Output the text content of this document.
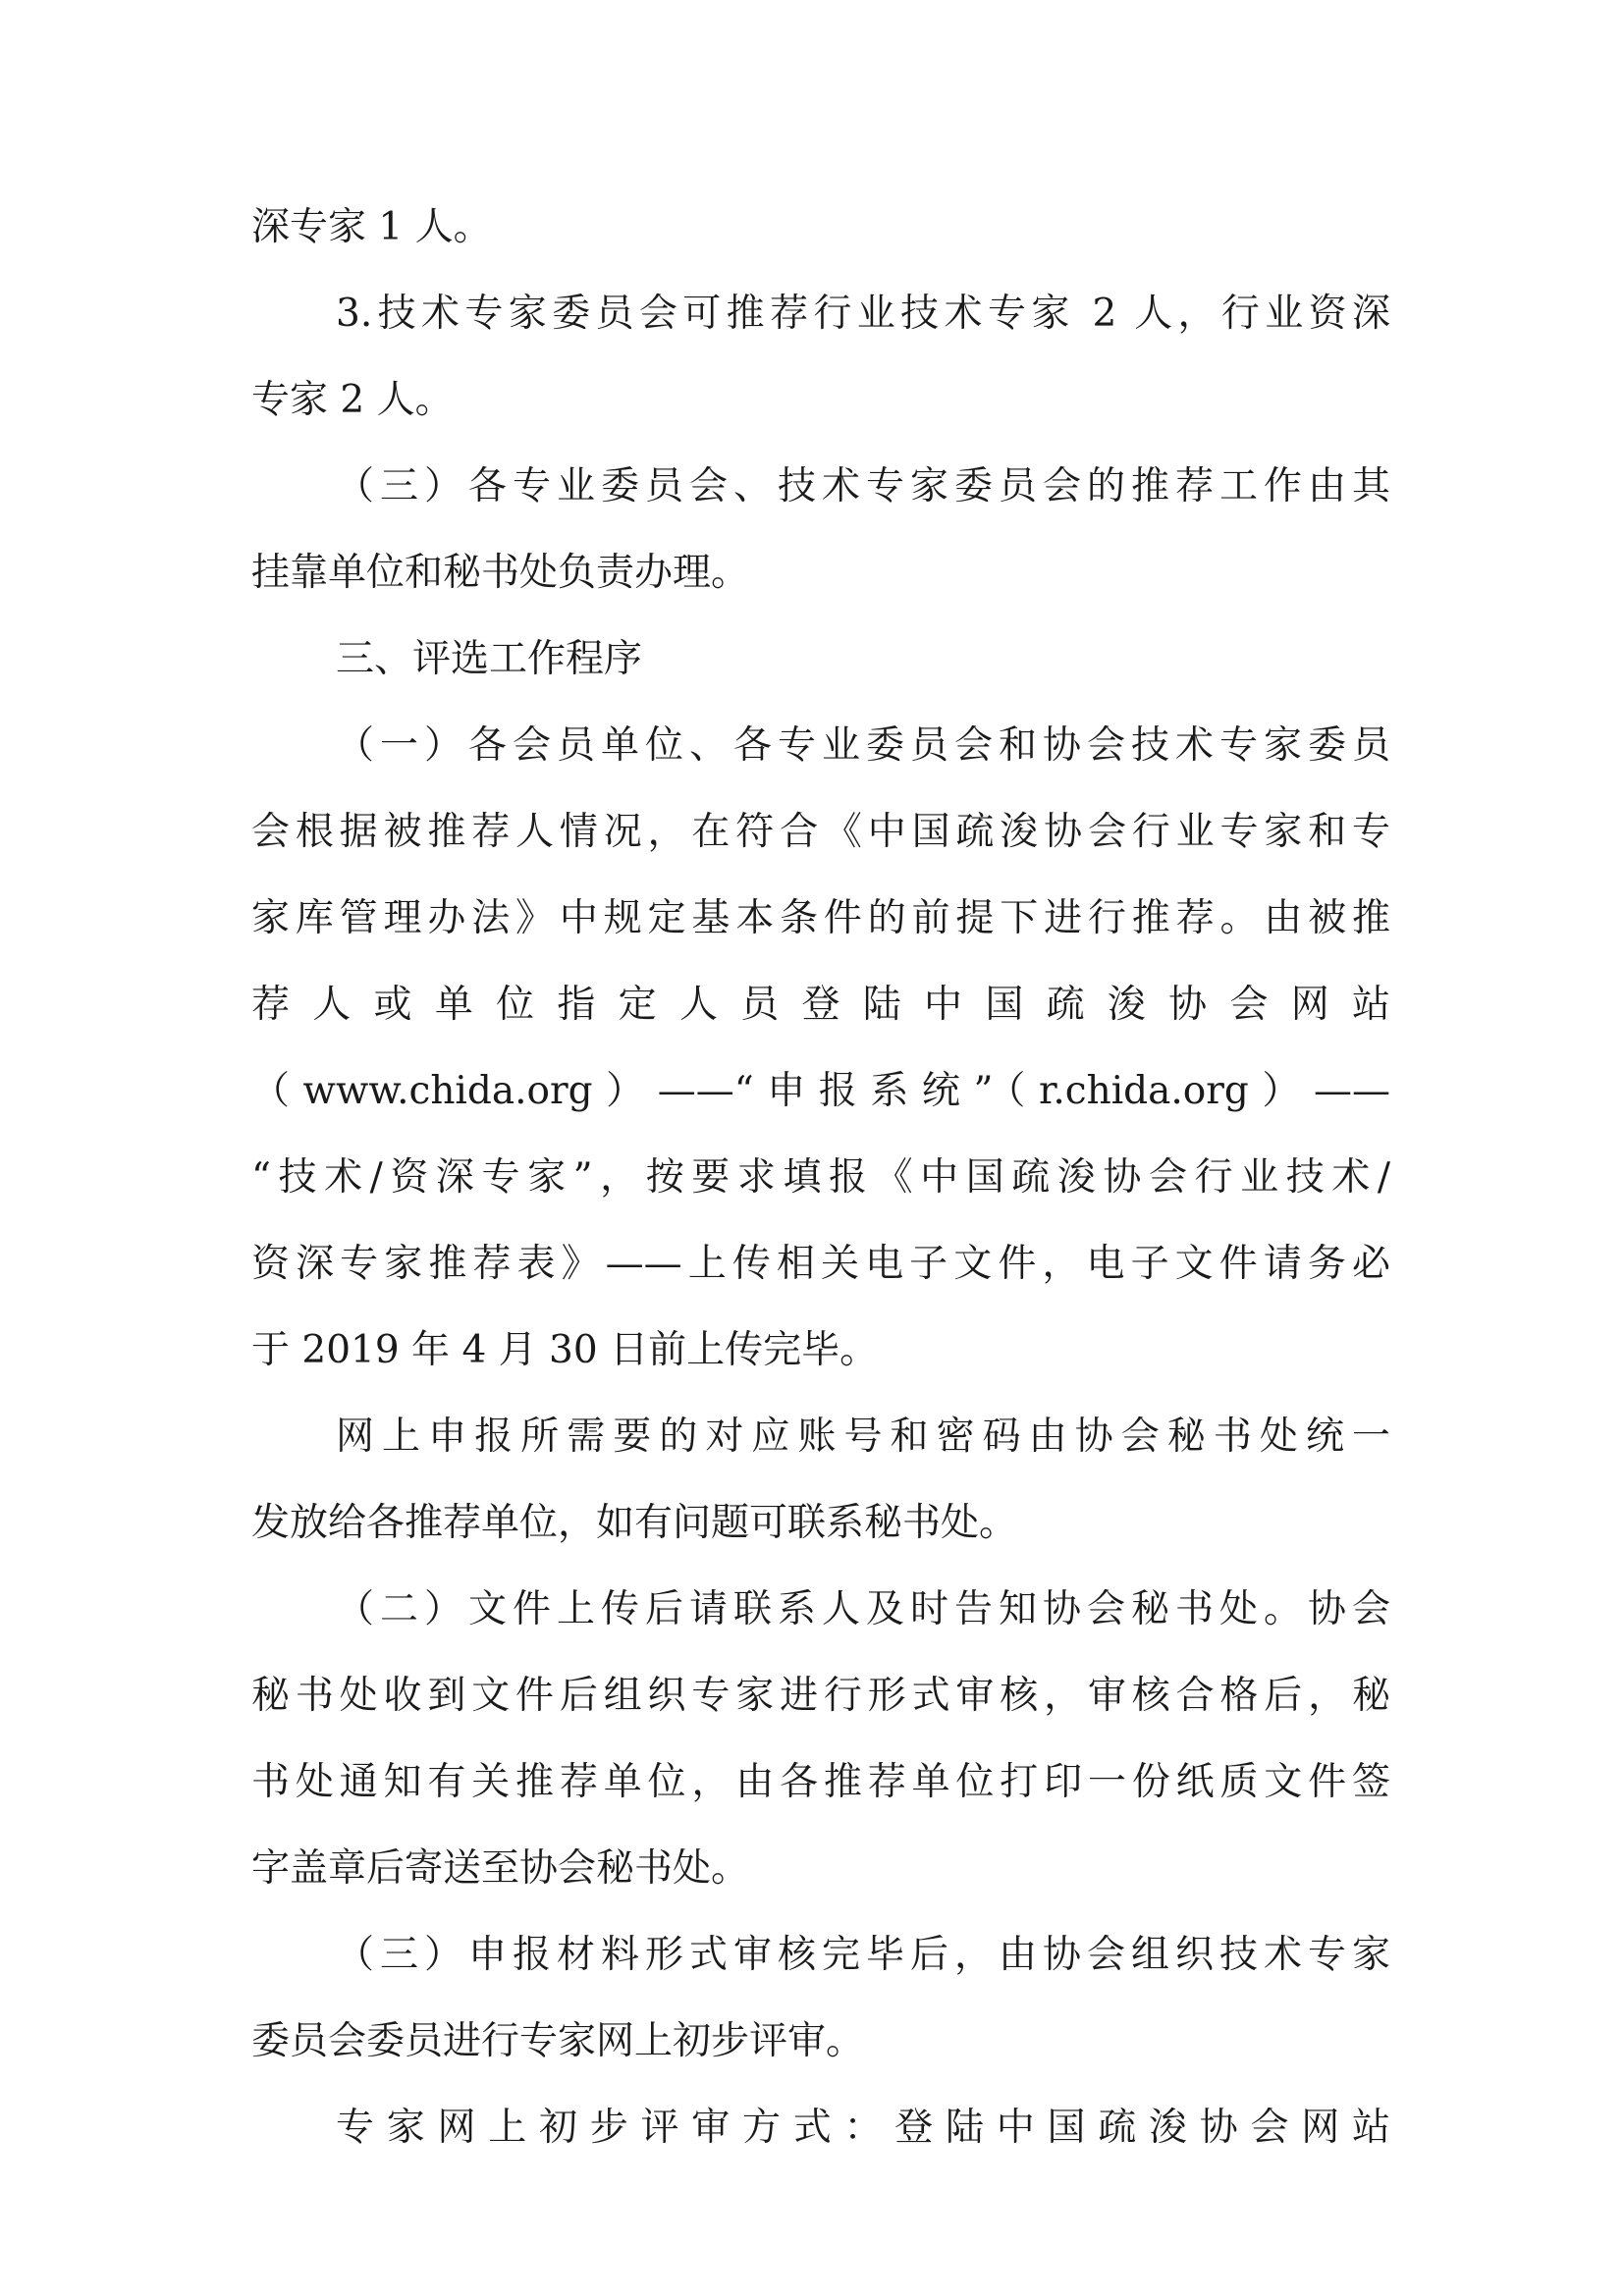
深专家 1 人。
3.技术专家委员会可推荐行业技术专家 2 人，行业资深
专家 2 人。
（三）各专业委员会、技术专家委员会的推荐工作由其
挂靠单位和秘书处负责办理。
三、评选工作程序
（一）各会员单位、各专业委员会和协会技术专家委员
会根据被推荐人情况，在符合《中国疏浚协会行业专家和专
家库管理办法》中规定基本条件的前提下进行推荐。由被推
荐人或单位指定人员登陆中国疏浚协会网站
（www.chida.org）——“申报系统”（r.chida.org）——
“技术/资深专家”，按要求填报《中国疏浚协会行业技术/
资深专家推荐表》——上传相关电子文件，电子文件请务必
于 2019 年 4 月 30 日前上传完毕。
网上申报所需要的对应账号和密码由协会秘书处统一
发放给各推荐单位，如有问题可联系秘书处。
（二）文件上传后请联系人及时告知协会秘书处。协会
秘书处收到文件后组织专家进行形式审核，审核合格后，秘
书处通知有关推荐单位，由各推荐单位打印一份纸质文件签
字盖章后寄送至协会秘书处。
（三）申报材料形式审核完毕后，由协会组织技术专家
委员会委员进行专家网上初步评审。
专家网上初步评审方式：登陆中国疏浚协会网站
